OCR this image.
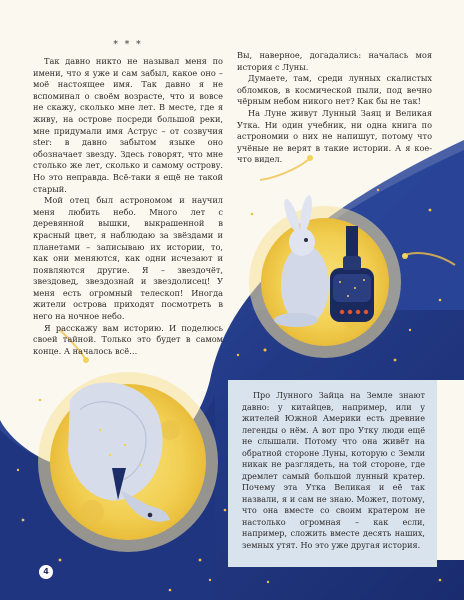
* * *

Так давно никто не называл меня по имени, что я уже и сам забыл, какое оно – моё настоящее имя. Так давно я не вспоминал о своём возрасте, что и вовсе не скажу, сколько мне лет. В месте, где я живу, на острове посреди большой реки, мне придумали имя Аструс – от созвучия ster: в давно забытом языке оно обозначает звезду. Здесь говорят, что мне столько же лет, сколько и самому острову. Но это неправда. Всё-таки я ещё не такой старый.

Мой отец был астрономом и научил меня любить небо. Много лет с деревянной вышки, выкрашенной в красный цвет, я наблюдаю за звёздами и планетами – записываю их истории, то, как они меняются, как одни исчезают и появляются другие. Я – звездочёт, звездовед, звездознай и звездолисец! У меня есть огромный телескоп! Иногда жители острова приходят посмотреть в него на ночное небо.

Я расскажу вам историю. И поделюсь своей тайной. Только это будет в самом конце. А началось всё…

Вы, наверное, догадались: началась моя история с Луны.

Думаете, там, среди лунных скалистых обломков, в космической пыли, под вечно чёрным небом никого нет? Как бы не так!

На Луне живут Лунный Заяц и Великая Утка. Ни один учебник, ни одна книга по астрономии о них не напишут, потому что учёные не верят в такие истории. А я кое-что видел.

Про Лунного Зайца на Земле знают давно: у китайцев, например, или у жителей Южной Америки есть древние легенды о нём. А вот про Утку люди ещё не слышали. Потому что она живёт на обратной стороне Луны, которую с Земли никак не разглядеть, на той стороне, где дремлет самый большой лунный кратер. Почему эта Утка Великая и её так назвали, я и сам не знаю. Может, потому, что она вместе со своим кратером не настолько огромная – как если, например, сложить вместе десять наших, земных утят. Но это уже другая история.

4
